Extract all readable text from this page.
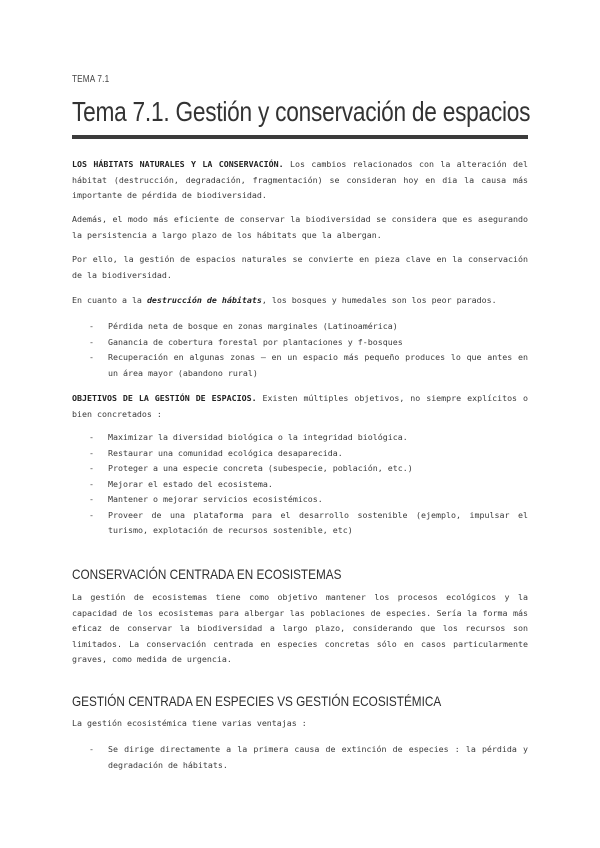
TEMA 7.1
Tema 7.1. Gestión y conservación de espacios

LOS HÁBITATS NATURALES Y LA CONSERVACIÓN. Los cambios relacionados con la alteración del hábitat (destrucción, degradación, fragmentación) se consideran hoy en dia la causa más importante de pérdida de biodiversidad.

Además, el modo más eficiente de conservar la biodiversidad se considera que es asegurando la persistencia a largo plazo de los hábitats que la albergan.

Por ello, la gestión de espacios naturales se convierte en pieza clave en la conservación de la biodiversidad.

En cuanto a la destrucción de hábitats, los bosques y humedales son los peor parados.

- Pérdida neta de bosque en zonas marginales (Latinoamérica)
- Ganancia de cobertura forestal por plantaciones y f-bosques
- Recuperación en algunas zonas – en un espacio más pequeño produces lo que antes en un área mayor (abandono rural)

OBJETIVOS DE LA GESTIÓN DE ESPACIOS. Existen múltiples objetivos, no siempre explícitos o bien concretados :

- Maximizar la diversidad biológica o la integridad biológica.
- Restaurar una comunidad ecológica desaparecida.
- Proteger a una especie concreta (subespecie, población, etc.)
- Mejorar el estado del ecosistema.
- Mantener o mejorar servicios ecosistémicos.
- Proveer de una plataforma para el desarrollo sostenible (ejemplo, impulsar el turismo, explotación de recursos sostenible, etc)
CONSERVACIÓN CENTRADA EN ECOSISTEMAS

La gestión de ecosistemas tiene como objetivo mantener los procesos ecológicos y la capacidad de los ecosistemas para albergar las poblaciones de especies. Sería la forma más eficaz de conservar la biodiversidad a largo plazo, considerando que los recursos son limitados. La conservación centrada en especies concretas sólo en casos particularmente graves, como medida de urgencia.

GESTIÓN CENTRADA EN ESPECIES VS GESTIÓN ECOSISTÉMICA

La gestión ecosistémica tiene varias ventajas :

- Se dirige directamente a la primera causa de extinción de especies : la pérdida y degradación de hábitats.
